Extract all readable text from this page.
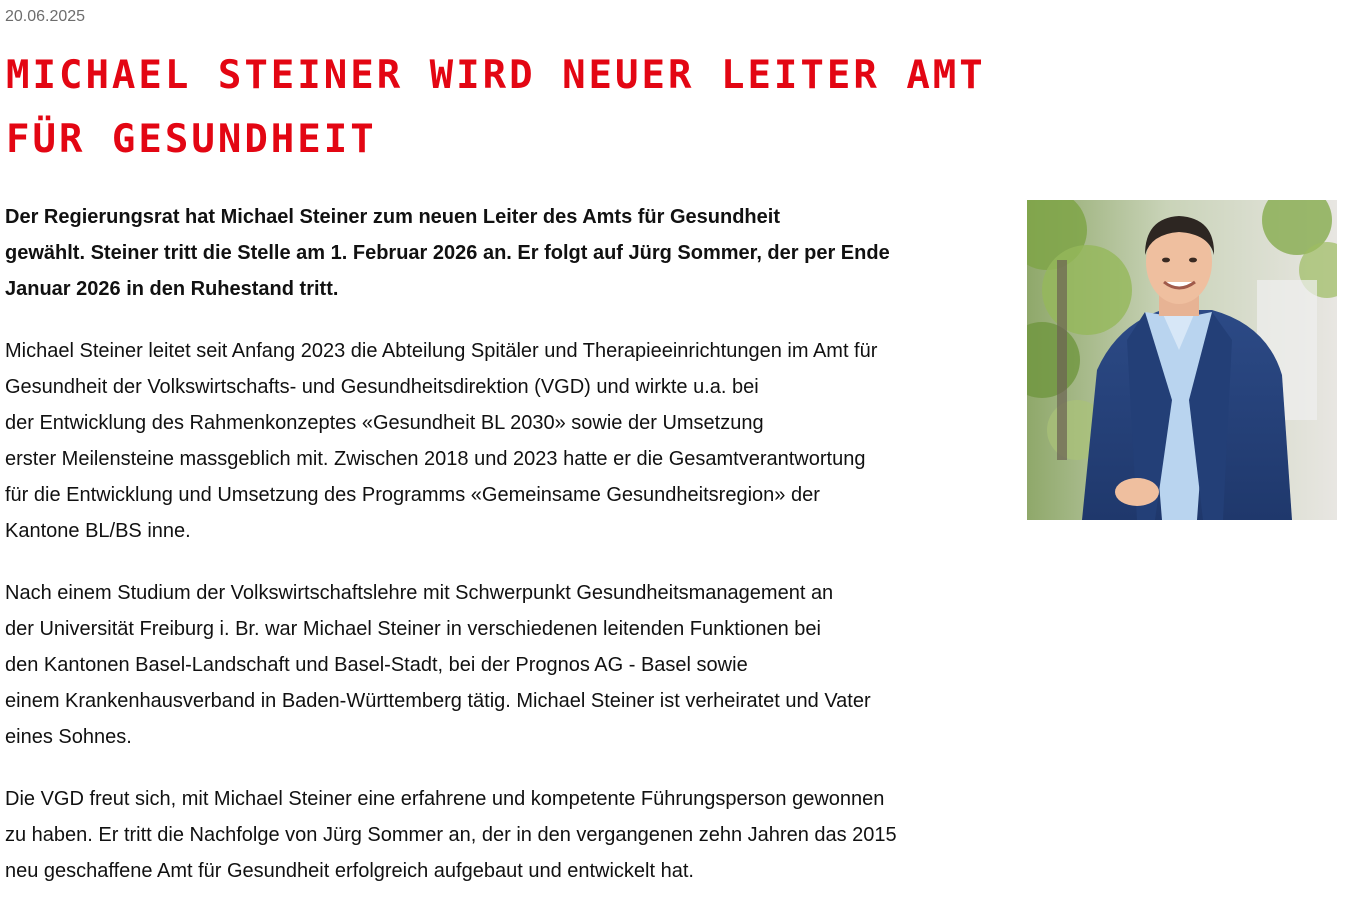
20.06.2025
MICHAEL STEINER WIRD NEUER LEITER AMT
FÜR GESUNDHEIT

Der Regierungsrat hat Michael Steiner zum neuen Leiter des Amts für Gesundheit
gewählt. Steiner tritt die Stelle am 1. Februar 2026 an. Er folgt auf Jürg Sommer, der per Ende
Januar 2026 in den Ruhestand tritt.

Michael Steiner leitet seit Anfang 2023 die Abteilung Spitäler und Therapieeinrichtungen im Amt für
Gesundheit der Volkswirtschafts- und Gesundheitsdirektion (VGD) und wirkte u.a. bei
der Entwicklung des Rahmenkonzeptes «Gesundheit BL 2030» sowie der Umsetzung
erster Meilensteine massgeblich mit. Zwischen 2018 und 2023 hatte er die Gesamtverantwortung
für die Entwicklung und Umsetzung des Programms «Gemeinsame Gesundheitsregion» der
Kantone BL/BS inne.

Nach einem Studium der Volkswirtschaftslehre mit Schwerpunkt Gesundheitsmanagement an
der Universität Freiburg i. Br. war Michael Steiner in verschiedenen leitenden Funktionen bei
den Kantonen Basel-Landschaft und Basel-Stadt, bei der Prognos AG - Basel sowie
einem Krankenhausverband in Baden-Württemberg tätig. Michael Steiner ist verheiratet und Vater
eines Sohnes.

Die VGD freut sich, mit Michael Steiner eine erfahrene und kompetente Führungsperson gewonnen
zu haben. Er tritt die Nachfolge von Jürg Sommer an, der in den vergangenen zehn Jahren das 2015
neu geschaffene Amt für Gesundheit erfolgreich aufgebaut und entwickelt hat.
